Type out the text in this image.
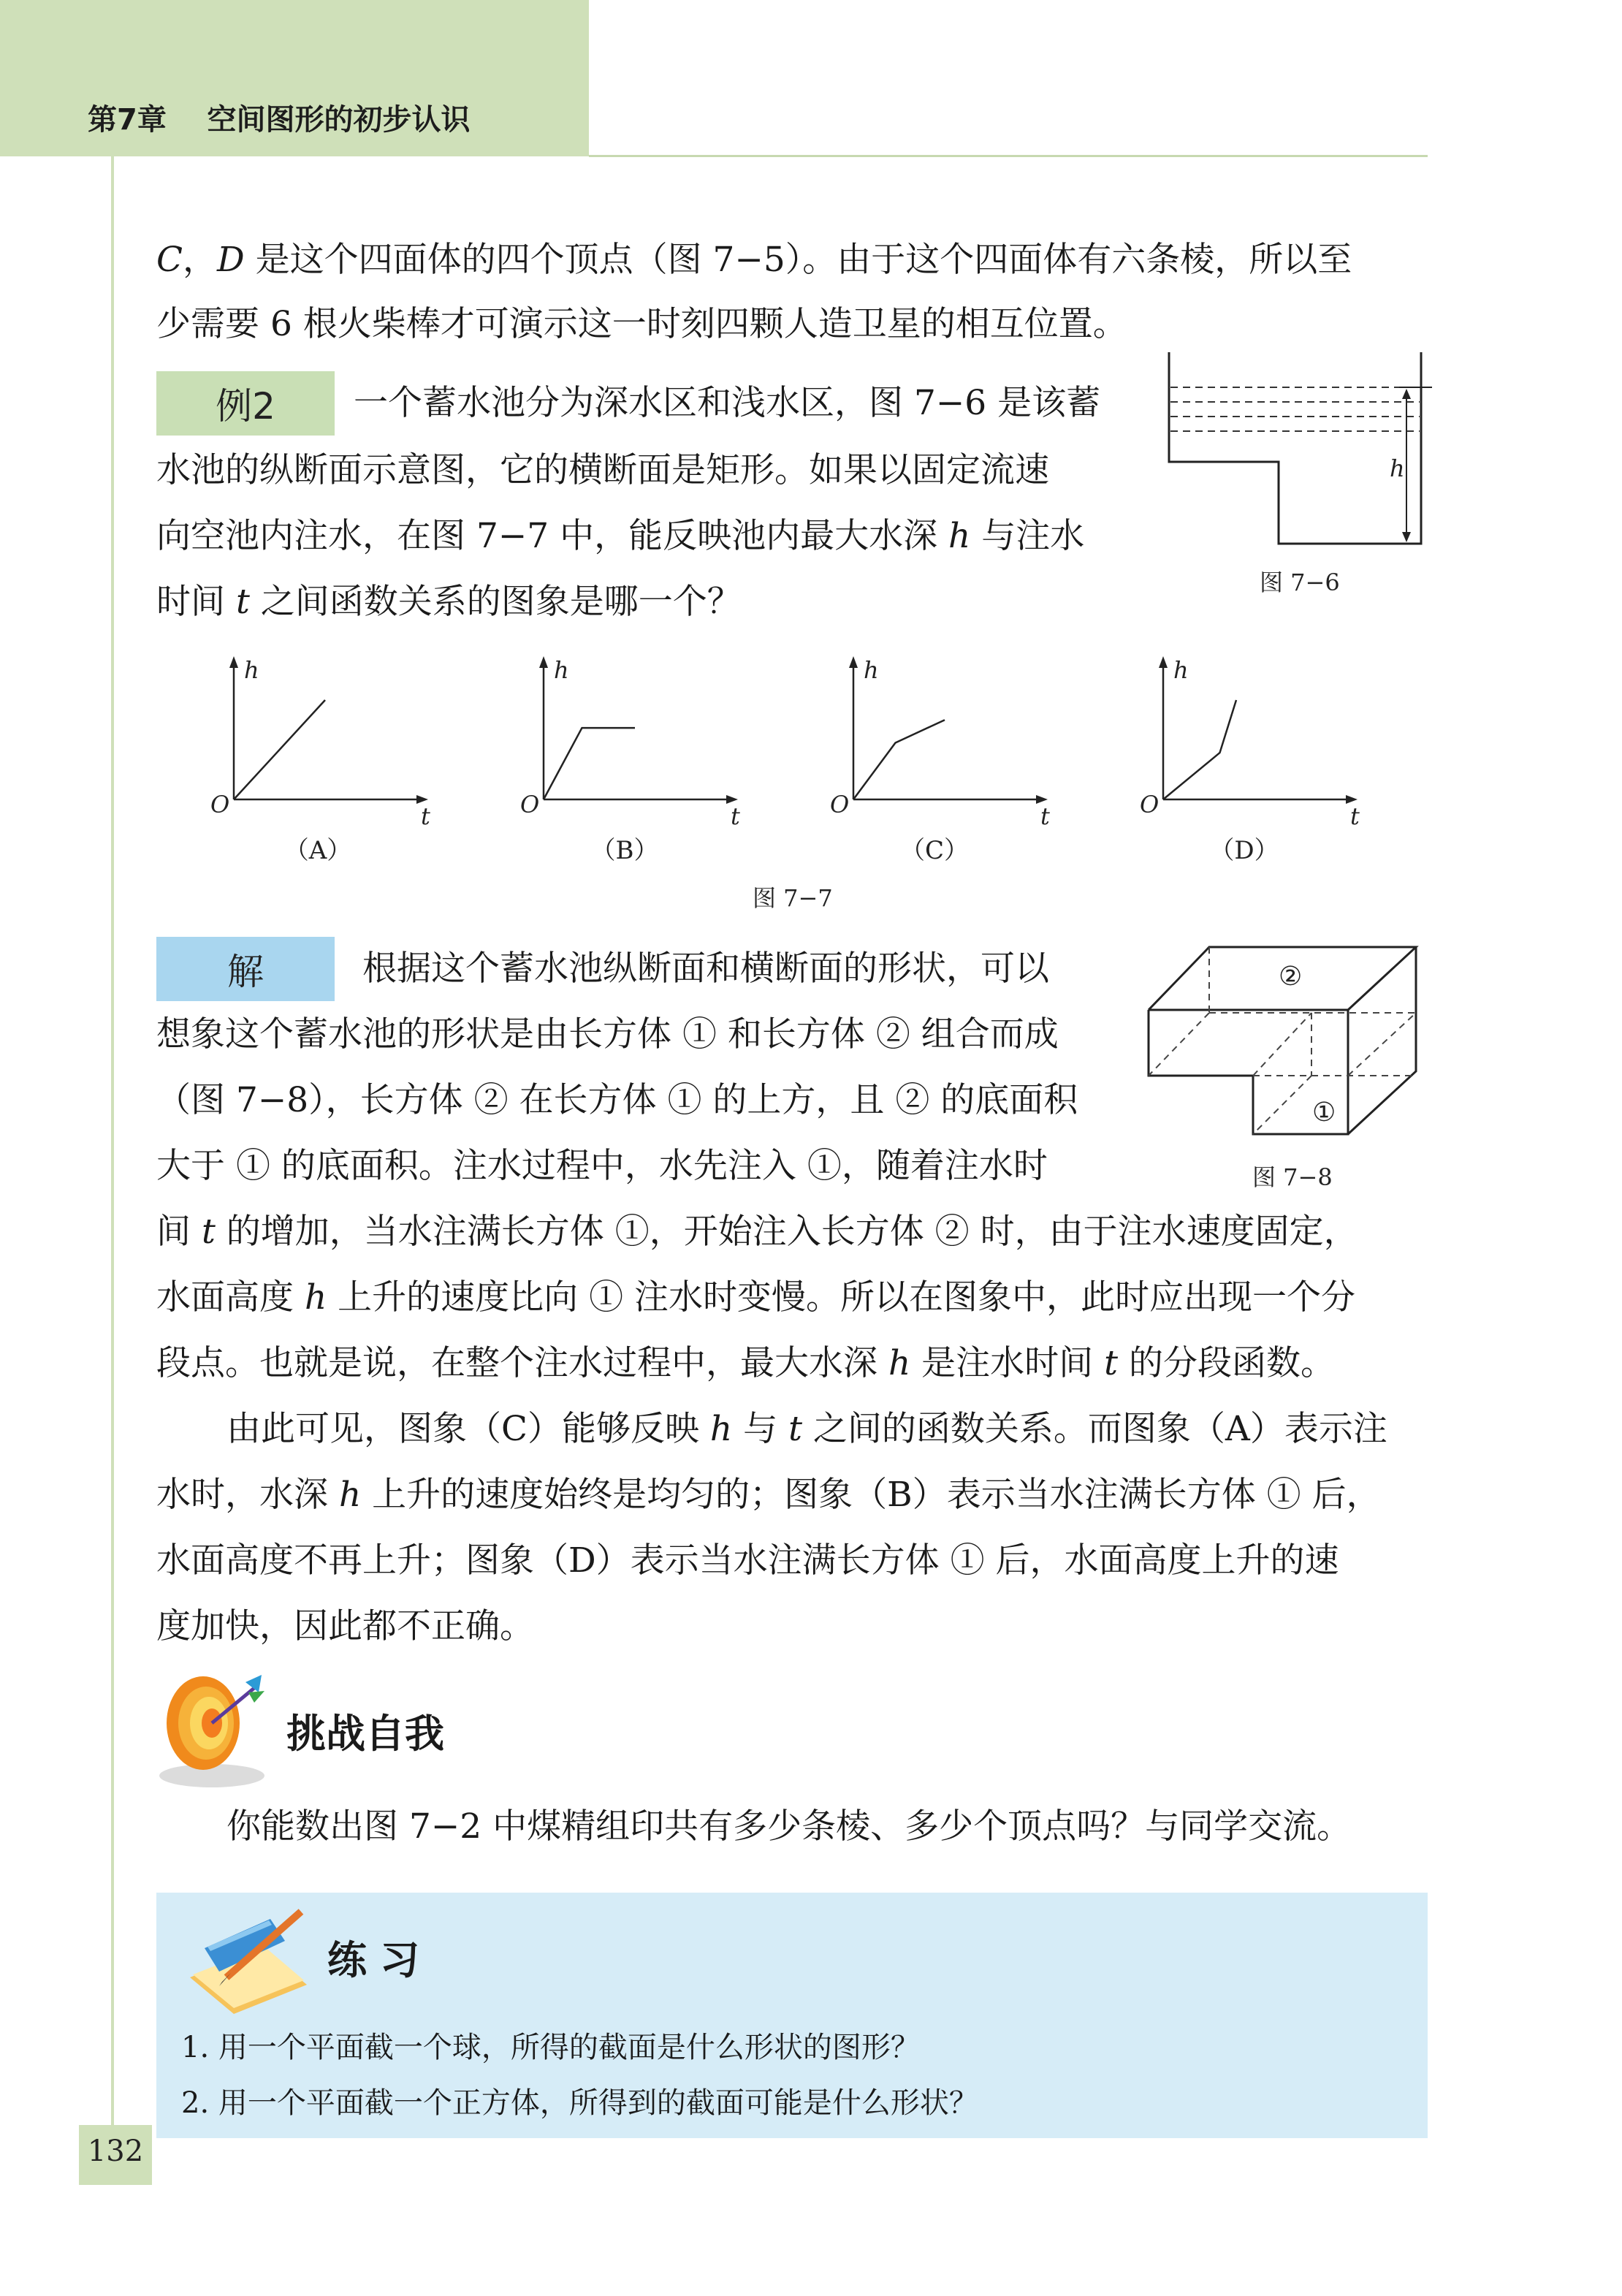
第7章 空间图形的初步认识
C，D 是这个四面体的四个顶点（图 7−5）。由于这个四面体有六条棱，所以至
少需要 6 根火柴棒才可演示这一时刻四颗人造卫星的相互位置。
例2	一个蓄水池分为深水区和浅水区，图 7−6 是该蓄
水池的纵断面示意图，它的横断面是矩形。如果以固定流速
向空池内注水，在图 7−7 中，能反映池内最大水深 h 与注水
时间 t 之间函数关系的图象是哪一个？
h
图 7−6
h
t
O
h
t
O
h
t
O
h
t
O
（A）	（B）	（C）	（D）
图 7−7
解	根据这个蓄水池纵断面和横断面的形状，可以
想象这个蓄水池的形状是由长方体 ① 和长方体 ② 组合而成
（图 7−8），长方体 ② 在长方体 ① 的上方，且 ② 的底面积
大于 ① 的底面积。注水过程中，水先注入 ①，随着注水时
间 t 的增加，当水注满长方体 ①，开始注入长方体 ② 时，由于注水速度固定，
水面高度 h 上升的速度比向 ① 注水时变慢。所以在图象中，此时应出现一个分
段点。也就是说，在整个注水过程中，最大水深 h 是注水时间 t 的分段函数。
②
①
图 7−8
由此可见，图象（C）能够反映 h 与 t 之间的函数关系。而图象（A）表示注
水时，水深 h 上升的速度始终是均匀的；图象（B）表示当水注满长方体 ① 后，
水面高度不再上升；图象（D）表示当水注满长方体 ① 后，水面高度上升的速
度加快，因此都不正确。
挑战自我
你能数出图 7−2 中煤精组印共有多少条棱、多少个顶点吗？与同学交流。
练习
1. 用一个平面截一个球，所得的截面是什么形状的图形？
2. 用一个平面截一个正方体，所得到的截面可能是什么形状？
132
